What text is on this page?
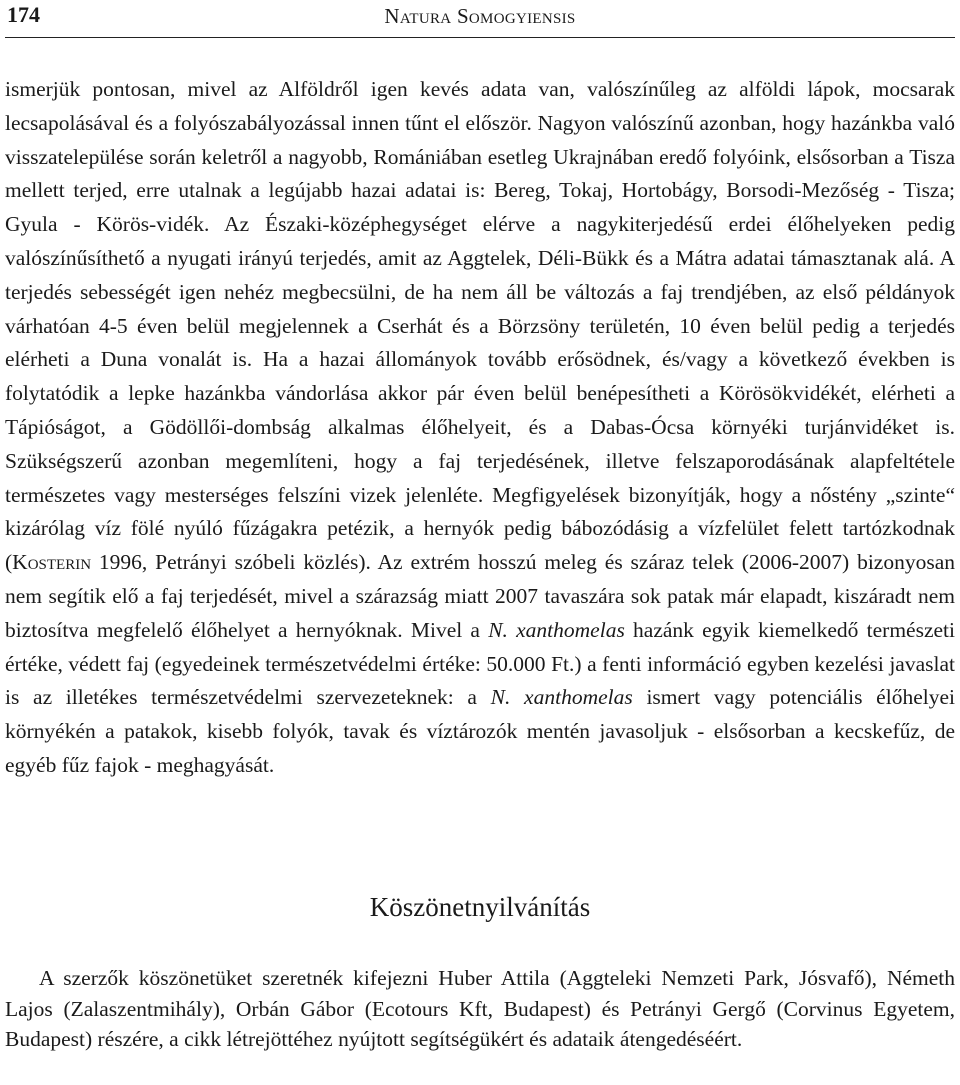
174	Natura Somogyiensis

ismerjük pontosan, mivel az Alföldről igen kevés adata van, valószínűleg az alföldi lápok, mocsarak lecsapolásával és a folyószabályozással innen tűnt el először. Nagyon valószínű azonban, hogy hazánkba való visszatelepülése során keletről a nagyobb, Romániában esetleg Ukrajnában eredő folyóink, elsősorban a Tisza mellett terjed, erre utalnak a legújabb hazai adatai is: Bereg, Tokaj, Hortobágy, Borsodi-Mezőség - Tisza; Gyula - Körös-vidék. Az Északi-középhegységet elérve a nagykiterjedésű erdei élőhelyeken pedig valószínűsíthető a nyugati irányú terjedés, amit az Aggtelek, Déli-Bükk és a Mátra adatai támasztanak alá. A terjedés sebességét igen nehéz megbecsülni, de ha nem áll be változás a faj trendjében, az első példányok várhatóan 4-5 éven belül megjelennek a Cserhát és a Börzsöny területén, 10 éven belül pedig a terjedés elérheti a Duna vonalát is. Ha a hazai állományok tovább erősödnek, és/vagy a következő években is folytatódik a lepke hazánkba vándorlása akkor pár éven belül benépesítheti a Körösökvidékét, elérheti a Tápióságot, a Gödöllői-dombság alkalmas élőhelyeit, és a Dabas-Ócsa környéki turjánvidéket is. Szükségszerű azonban megemlíteni, hogy a faj terjedésének, illetve felszaporodásának alapfeltétele természetes vagy mesterséges felszíni vizek jelenléte. Megfigyelések bizonyítják, hogy a nőstény „szinte“ kizárólag víz fölé nyúló fűzágakra petézik, a hernyók pedig bábozódásig a vízfelület felett tartózkodnak (Kosterin 1996, Petrányi szóbeli közlés). Az extrém hosszú meleg és száraz telek (2006-2007) bizonyosan nem segítik elő a faj terjedését, mivel a szárazság miatt 2007 tavaszára sok patak már elapadt, kiszáradt nem biztosítva megfelelő élőhelyet a hernyóknak. Mivel a N. xanthomelas hazánk egyik kiemelkedő természeti értéke, védett faj (egyedeinek természetvédelmi értéke: 50.000 Ft.) a fenti információ egyben kezelési javaslat is az illetékes természetvédelmi szervezeteknek: a N. xanthomelas ismert vagy potenciális élőhelyei környékén a patakok, kisebb folyók, tavak és víztározók mentén javasoljuk - elsősorban a kecskefűz, de egyéb fűz fajok - meghagyását.

Köszönetnyilvánítás

A szerzők köszönetüket szeretnék kifejezni Huber Attila (Aggteleki Nemzeti Park, Jósvafő), Németh Lajos (Zalaszentmihály), Orbán Gábor (Ecotours Kft, Budapest) és Petrányi Gergő (Corvinus Egyetem, Budapest) részére, a cikk létrejöttéhez nyújtott segítségükért és adataik átengedéséért.
